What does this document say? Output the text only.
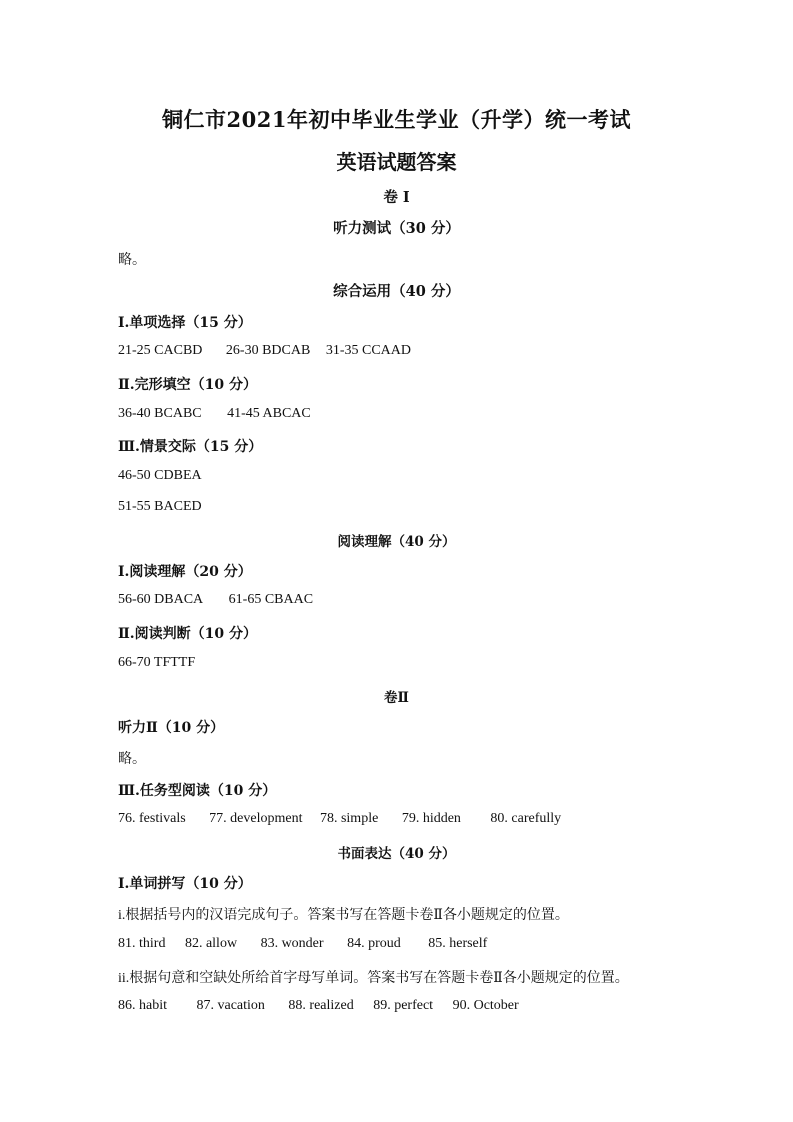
铜仁市2021年初中毕业生学业（升学）统一考试
英语试题答案
卷 I
听力测试（30 分）
略。
综合运用（40 分）
Ⅰ.单项选择（15 分）
21-25 CACBD 26-30 BDCAB 31-35 CCAAD
Ⅱ.完形填空（10 分）
36-40 BCABC 41-45 ABCAC
Ⅲ.情景交际（15 分）
46-50 CDBEA
51-55 BACED
阅读理解（40 分）
I.阅读理解（20 分）
56-60 DBACA 61-65 CBAAC
Ⅱ.阅读判断（10 分）
66-70 TFTTF
卷Ⅱ
听力Ⅱ（10 分）
略。
Ⅲ.任务型阅读（10 分）
76. festivals 77. development 78. simple 79. hidden 80. carefully
书面表达（40 分）
I.单词拼写（10 分）
i.根据括号内的汉语完成句子。答案书写在答题卡卷Ⅱ各小题规定的位置。
81. third 82. allow 83. wonder 84. proud 85. herself
ii.根据句意和空缺处所给首字母写单词。答案书写在答题卡卷Ⅱ各小题规定的位置。
86. habit 87. vacation 88. realized 89. perfect 90. October
